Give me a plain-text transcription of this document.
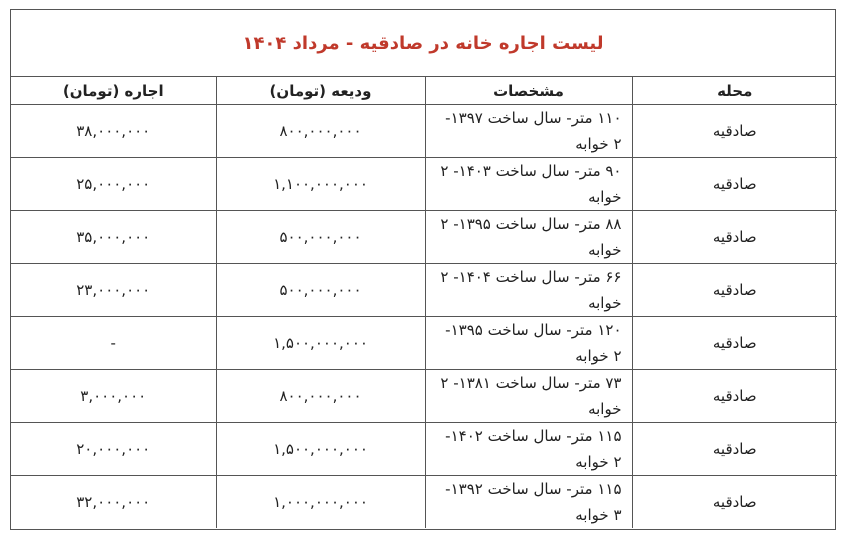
لیست اجاره خانه در صادقیه - مرداد ۱۴۰۴
محله	مشخصات	ودیعه (تومان)	اجاره (تومان)
صادقیه	۱۱۰ متر- سال ساخت ۱۳۹۷- ۲ خوابه	۸۰۰,۰۰۰,۰۰۰	۳۸,۰۰۰,۰۰۰
صادقیه	۹۰ متر- سال ساخت ۱۴۰۳- ۲ خوابه	۱,۱۰۰,۰۰۰,۰۰۰	۲۵,۰۰۰,۰۰۰
صادقیه	۸۸ متر- سال ساخت ۱۳۹۵- ۲ خوابه	۵۰۰,۰۰۰,۰۰۰	۳۵,۰۰۰,۰۰۰
صادقیه	۶۶ متر- سال ساخت ۱۴۰۴- ۲ خوابه	۵۰۰,۰۰۰,۰۰۰	۲۳,۰۰۰,۰۰۰
صادقیه	۱۲۰ متر- سال ساخت ۱۳۹۵- ۲ خوابه	۱,۵۰۰,۰۰۰,۰۰۰	-
صادقیه	۷۳ متر- سال ساخت ۱۳۸۱- ۲ خوابه	۸۰۰,۰۰۰,۰۰۰	۳,۰۰۰,۰۰۰
صادقیه	۱۱۵ متر- سال ساخت ۱۴۰۲- ۲ خوابه	۱,۵۰۰,۰۰۰,۰۰۰	۲۰,۰۰۰,۰۰۰
صادقیه	۱۱۵ متر- سال ساخت ۱۳۹۲- ۳ خوابه	۱,۰۰۰,۰۰۰,۰۰۰	۳۲,۰۰۰,۰۰۰
